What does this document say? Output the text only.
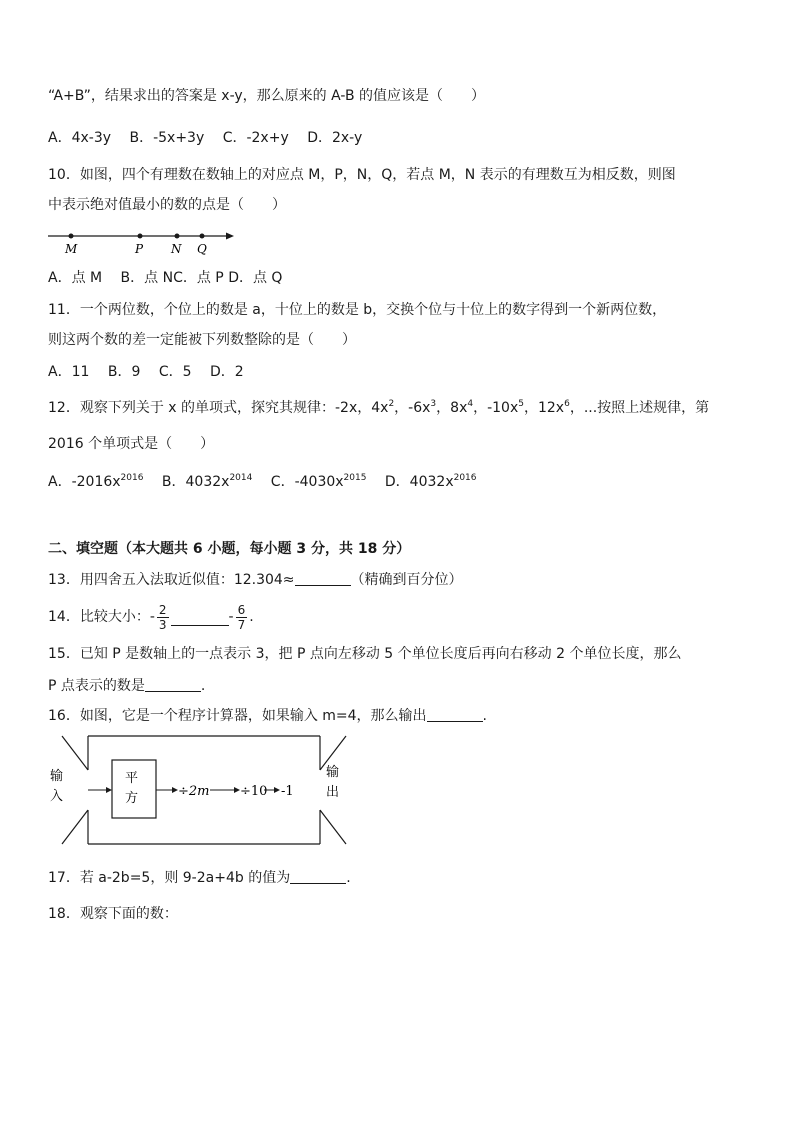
“A+B”，结果求出的答案是 x-y，那么原来的 A-B 的值应该是（　　）
A．4x-3y B．-5x+3y C．-2x+y D．2x-y
10．如图，四个有理数在数轴上的对应点 M，P，N，Q，若点 M，N 表示的有理数互为相反数，则图
中表示绝对值最小的数的点是（　　）
M	P N Q
A．点 M　 B．点 NC．点 P D．点 Q
11．一个两位数，个位上的数是 a，十位上的数是 b，交换个位与十位上的数字得到一个新两位数，
则这两个数的差一定能被下列数整除的是（　　）
A．11 B．9 C．5 D．2
12．观察下列关于 x 的单项式，探究其规律：-2x，$4x^2$，$-6x^3$，$8x^4$，$-10x^5$，$12x^6$，...按照上述规律，第
2016 个单项式是（　　）
A．$-2016x^{2016}$ B．$4032x^{2014}$ C．$-4030x^{2015}$ D．$4032x^{2016}$
二、填空题（本大题共 6 小题，每小题 3 分，共 18 分）
13．用四舍五入法取近似值：12.304≈	（精确到百分位）
14．比较大小：- $\frac{2}{3}$	- $\frac{6}{7}$ .
15．已知 P 是数轴上的一点表示 3，把 P 点向左移动 5 个单位长度后再向右移动 2 个单位长度，那么
P 点表示的数是	.
16．如图，它是一个程序计算器，如果输入 m=4，那么输出	.
输
入
输
出
平
方	÷2m ÷10 -1
17．若 a-2b=5，则 9-2a+4b 的值为	.
18．观察下面的数：
